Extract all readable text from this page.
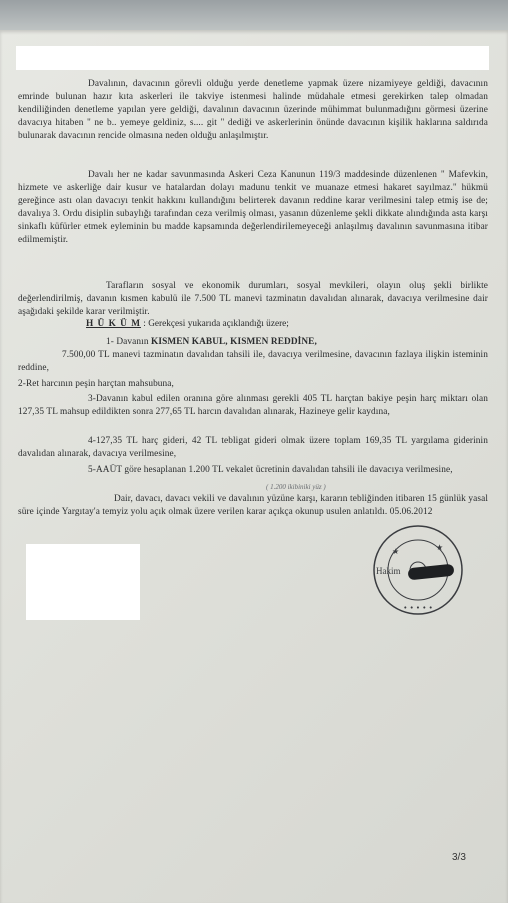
Davalının, davacının görevli olduğu yerde denetleme yapmak üzere nizamiyeye geldiği, davacının emrinde bulunan hazır kıta askerleri ile takviye istenmesi halinde müdahale etmesi gerekirken talep olmadan kendiliğinden denetleme yapılan yere geldiği, davalının davacının üzerinde mühimmat bulunmadığını görmesi üzerine davacıya hitaben " ne b.. yemeye geldiniz, s.... git " dediği ve askerlerinin önünde davacının kişilik haklarına saldırıda bulunarak davacının rencide olmasına neden olduğu anlaşılmıştır.

Davalı her ne kadar savunmasında Askeri Ceza Kanunun 119/3 maddesinde düzenlenen " Mafevkin, hizmete ve askerliğe dair kusur ve hatalardan dolayı madunu tenkit ve muanaze etmesi hakaret sayılmaz." hükmü gereğince astı olan davacıyı tenkit hakkını kullandığını belirterek davanın reddine karar verilmesini talep etmiş ise de; davalıya 3. Ordu disiplin subaylığı tarafından ceza verilmiş olması, yasanın düzenleme şekli dikkate alındığında asta karşı sinkaflı küfürler etmek eyleminin bu madde kapsamında değerlendirilemeyeceği anlaşılmış davalının savunmasına itibar edilmemiştir.

Tarafların sosyal ve ekonomik durumları, sosyal mevkileri, olayın oluş şekli birlikte değerlendirilmiş, davanın kısmen kabulü ile 7.500 TL manevi tazminatın davalıdan alınarak, davacıya verilmesine dair aşağıdaki şekilde karar verilmiştir.

H Ü K Ü M : Gerekçesi yukarıda açıklandığı üzere;

1- Davanın KISMEN KABUL, KISMEN REDDİNE,

7.500,00 TL manevi tazminatın davalıdan tahsili ile, davacıya verilmesine, davacının fazlaya ilişkin isteminin reddine,

2-Ret harcının peşin harçtan mahsubuna,

3-Davanın kabul edilen oranına göre alınması gerekli 405 TL harçtan bakiye peşin harç miktarı olan 127,35 TL mahsup edildikten sonra 277,65 TL harcın davalıdan alınarak, Hazineye gelir kaydına,

4-127,35 TL harç gideri, 42 TL tebligat gideri olmak üzere toplam 169,35 TL yargılama giderinin davalıdan alınarak, davacıya verilmesine,

5-AAÜT göre hesaplanan 1.200 TL vekalet ücretinin davalıdan tahsili ile davacıya verilmesine,

( 1.200 ikibiniki yüz )

Dair, davacı, davacı vekili ve davalının yüzüne karşı, kararın tebliğinden itibaren 15 günlük yasal süre içinde Yargıtay'a temyiz yolu açık olmak üzere verilen karar açıkça okunup usulen anlatıldı. 05.06.2012

• • • • •
★	★
Hakim
3/3
